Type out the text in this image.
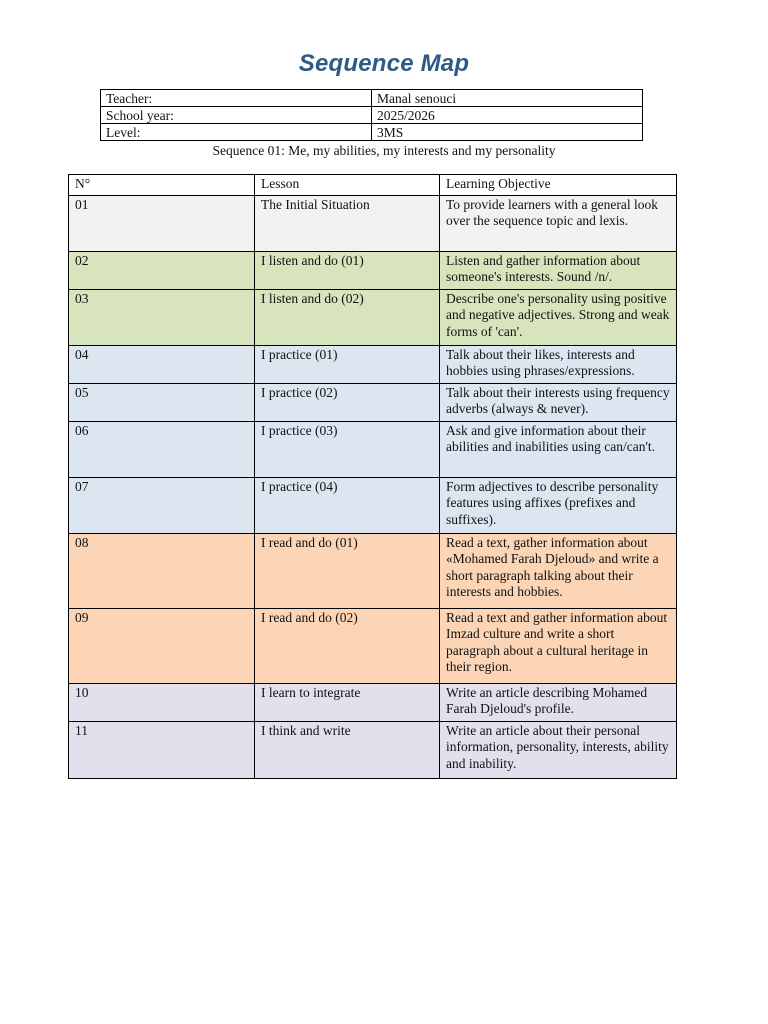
Sequence Map
Teacher:	Manal senouci
School year:	2025/2026
Level:	3MS
Sequence 01: Me, my abilities, my interests and my personality
N°	Lesson	Learning Objective
01	The Initial Situation	To provide learners with a general look over the sequence topic and lexis.
02	I listen and do (01)	Listen and gather information about someone's interests. Sound /n/.
03	I listen and do (02)	Describe one's personality using positive and negative adjectives. Strong and weak forms of 'can'.
04	I practice (01)	Talk about their likes, interests and hobbies using phrases/expressions.
05	I practice (02)	Talk about their interests using frequency adverbs (always & never).
06	I practice (03)	Ask and give information about their abilities and inabilities using can/can't.
07	I practice (04)	Form adjectives to describe personality features using affixes (prefixes and suffixes).
08	I read and do (01)	Read a text, gather information about «Mohamed Farah Djeloud» and write a short paragraph talking about their interests and hobbies.
09	I read and do (02)	Read a text and gather information about Imzad culture and write a short paragraph about a cultural heritage in their region.
10	I learn to integrate	Write an article describing Mohamed Farah Djeloud's profile.
11	I think and write	Write an article about their personal information, personality, interests, ability and inability.
